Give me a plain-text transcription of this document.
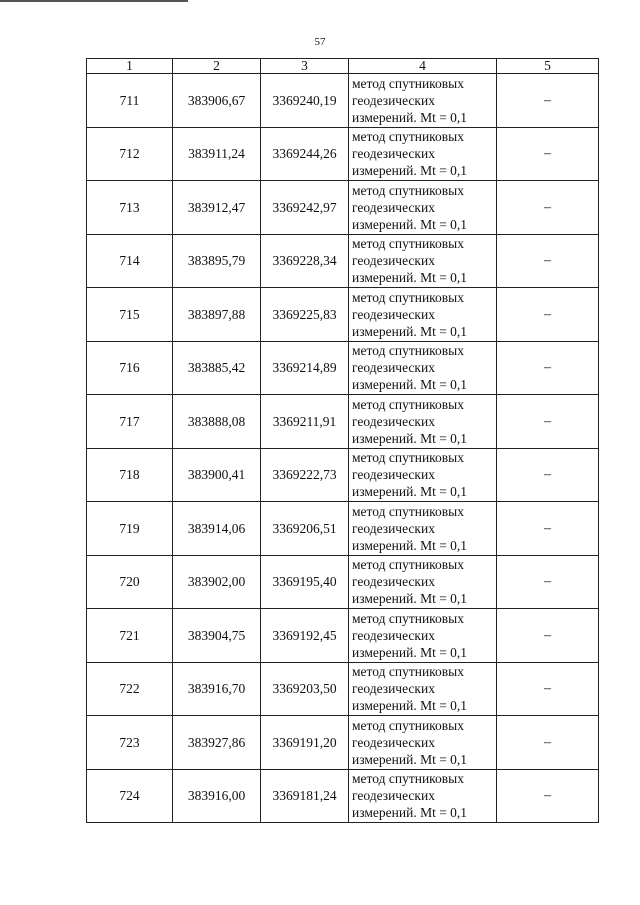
57
1	2	3	4	5
711	383906,67	3369240,19	метод спутниковых
геодезических
измерений. Mt = 0,1	–
712	383911,24	3369244,26	метод спутниковых
геодезических
измерений. Mt = 0,1	–
713	383912,47	3369242,97	метод спутниковых
геодезических
измерений. Mt = 0,1	–
714	383895,79	3369228,34	метод спутниковых
геодезических
измерений. Mt = 0,1	–
715	383897,88	3369225,83	метод спутниковых
геодезических
измерений. Mt = 0,1	–
716	383885,42	3369214,89	метод спутниковых
геодезических
измерений. Mt = 0,1	–
717	383888,08	3369211,91	метод спутниковых
геодезических
измерений. Mt = 0,1	–
718	383900,41	3369222,73	метод спутниковых
геодезических
измерений. Mt = 0,1	–
719	383914,06	3369206,51	метод спутниковых
геодезических
измерений. Mt = 0,1	–
720	383902,00	3369195,40	метод спутниковых
геодезических
измерений. Mt = 0,1	–
721	383904,75	3369192,45	метод спутниковых
геодезических
измерений. Mt = 0,1	–
722	383916,70	3369203,50	метод спутниковых
геодезических
измерений. Mt = 0,1	–
723	383927,86	3369191,20	метод спутниковых
геодезических
измерений. Mt = 0,1	–
724	383916,00	3369181,24	метод спутниковых
геодезических
измерений. Mt = 0,1	–
